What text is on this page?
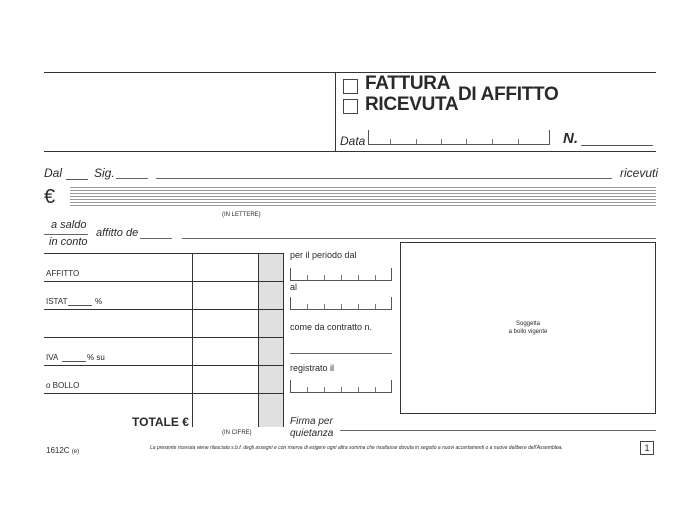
FATTURA
RICEVUTA DI AFFITTO
Data	N.
Dal	Sig.	ricevuti
€
(IN LETTERE)
a saldo
in conto
affitto de
AFFITTO
ISTAT	%
IVA	% su
o BOLLO
TOTALE €
(IN CIFRE)
per il periodo dal
al
come da contratto n.
registrato il
Firma per
quietanza
Soggetta
a bollo vigente
1612C (e)
La presente ricevuta viene rilasciata s.b.f. degli assegni e con riserva di esigere ogni altra somma che risultasse dovuta in seguito a nuovi accertamenti o a nuove delibere dell'Assemblea.	1
